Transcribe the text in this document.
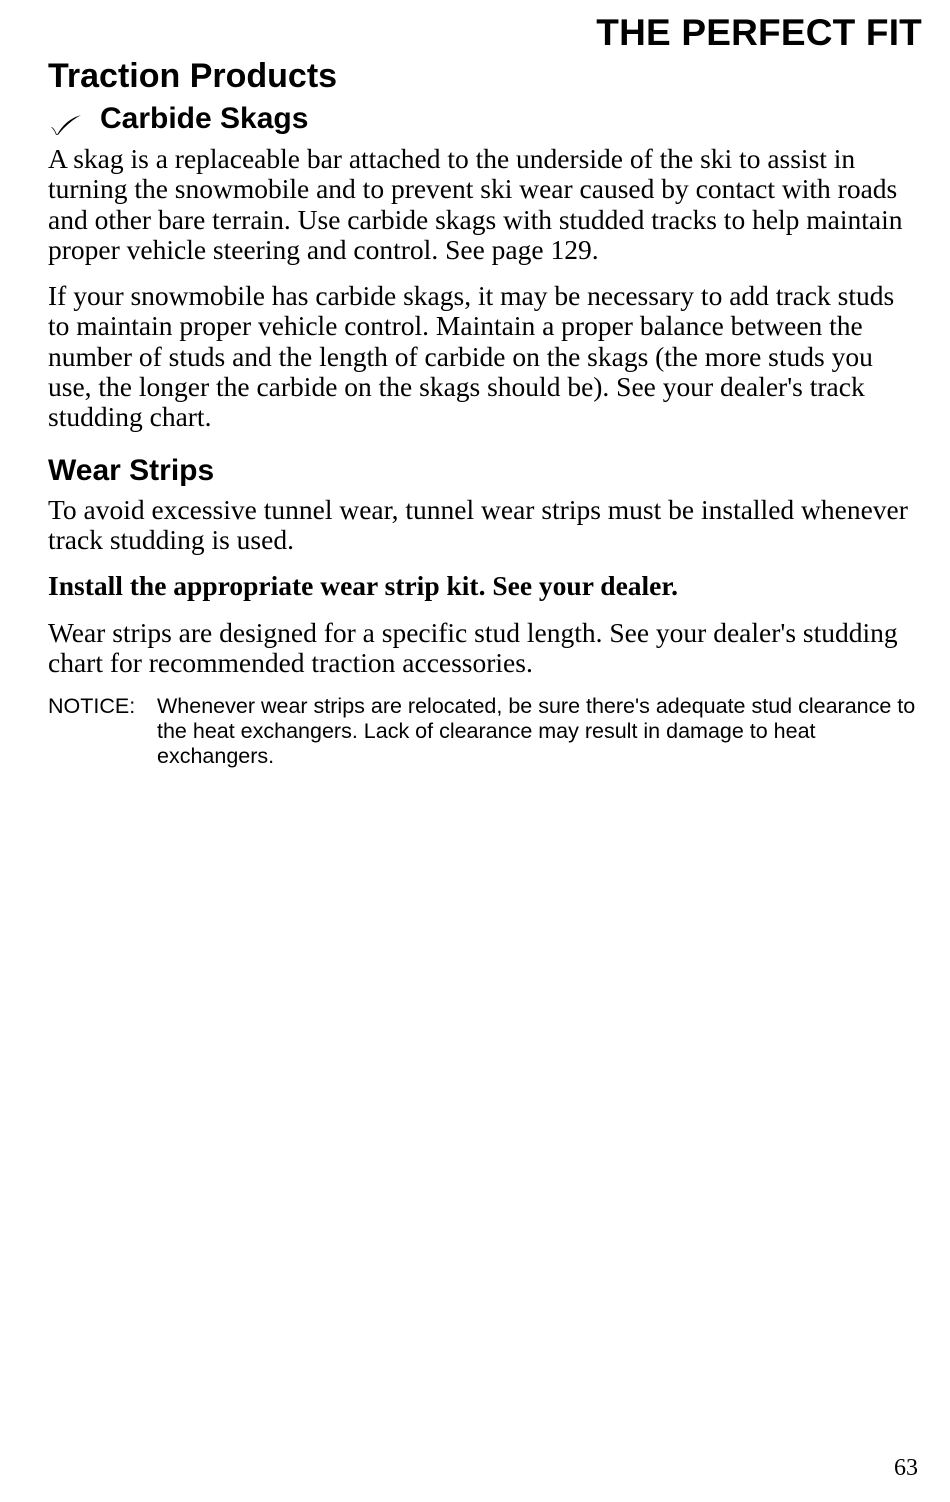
THE PERFECT FIT
Traction Products
Carbide Skags

A skag is a replaceable bar attached to the underside of the ski to assist in turning the snowmobile and to prevent ski wear caused by contact with roads and other bare terrain. Use carbide skags with studded tracks to help maintain proper vehicle steering and control. See page 129.

If your snowmobile has carbide skags, it may be necessary to add track studs to maintain proper vehicle control. Maintain a proper balance between the number of studs and the length of carbide on the skags (the more studs you use, the longer the carbide on the skags should be). See your dealer's track studding chart.

Wear Strips

To avoid excessive tunnel wear, tunnel wear strips must be installed whenever track studding is used.

Install the appropriate wear strip kit. See your dealer.

Wear strips are designed for a specific stud length. See your dealer's studding chart for recommended traction accessories.

NOTICE:	Whenever wear strips are relocated, be sure there's adequate stud clearance to the heat exchangers. Lack of clearance may result in damage to heat exchangers.
63
